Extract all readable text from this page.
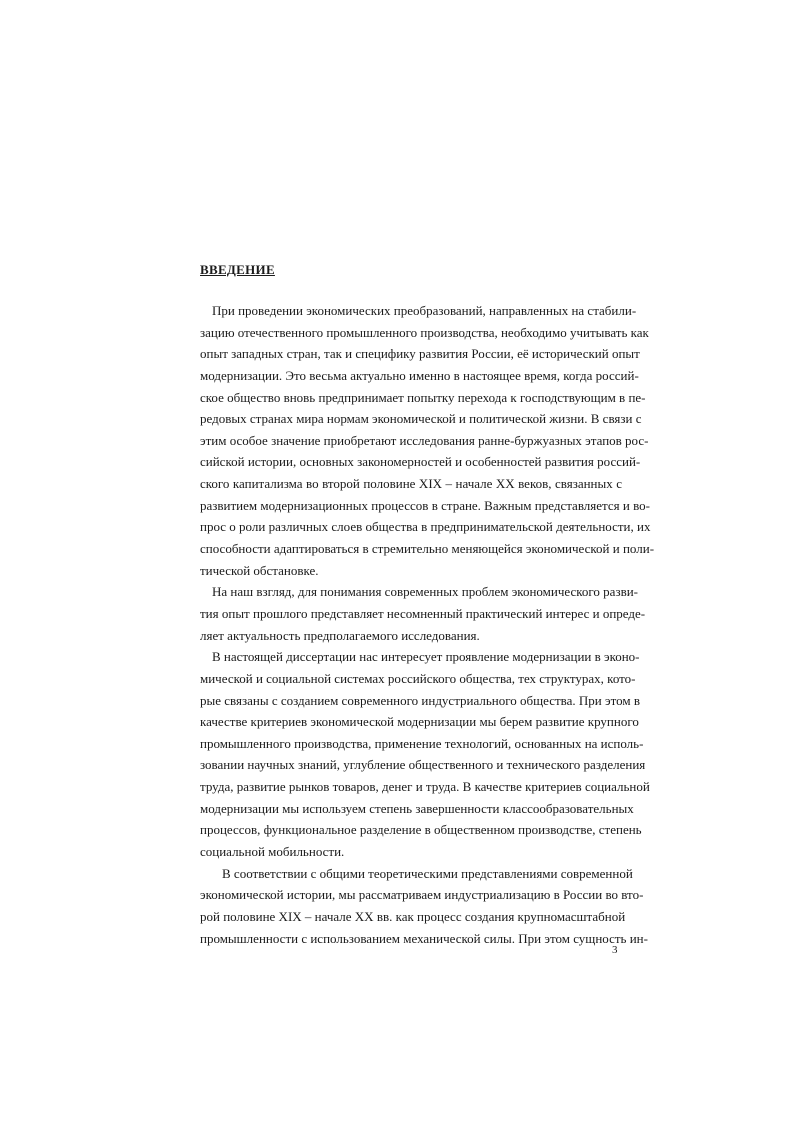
ВВЕДЕНИЕ
При проведении экономических преобразований, направленных на стабили-
зацию отечественного промышленного производства, необходимо учитывать как
опыт западных стран, так и специфику развития России, её исторический опыт
модернизации. Это весьма актуально именно в настоящее время, когда россий-
ское общество вновь предпринимает попытку перехода к господствующим в пе-
редовых странах мира нормам экономической и политической жизни. В связи с
этим особое значение приобретают исследования ранне-буржуазных этапов рос-
сийской истории, основных закономерностей и особенностей развития россий-
ского капитализма во второй половине XIX – начале XX веков, связанных с
развитием модернизационных процессов в стране. Важным представляется и во-
прос о роли различных слоев общества в предпринимательской деятельности, их
способности адаптироваться в стремительно меняющейся экономической и поли-
тической обстановке.
На наш взгляд, для понимания современных проблем экономического разви-
тия опыт прошлого представляет несомненный практический интерес и опреде-
ляет актуальность предполагаемого исследования.
В настоящей диссертации нас интересует проявление модернизации в эконо-
мической и социальной системах российского общества, тех структурах, кото-
рые связаны с созданием современного индустриального общества. При этом в
качестве критериев экономической модернизации мы берем развитие крупного
промышленного производства, применение технологий, основанных на исполь-
зовании научных знаний, углубление общественного и технического разделения
труда, развитие рынков товаров, денег и труда. В качестве критериев социальной
модернизации мы используем степень завершенности классообразовательных
процессов, функциональное разделение в общественном производстве, степень
социальной мобильности.
В соответствии с общими теоретическими представлениями современной
экономической истории, мы рассматриваем индустриализацию в России во вто-
рой половине XIX – начале XX вв. как процесс создания крупномасштабной
промышленности с использованием механической силы. При этом сущность ин-
3
